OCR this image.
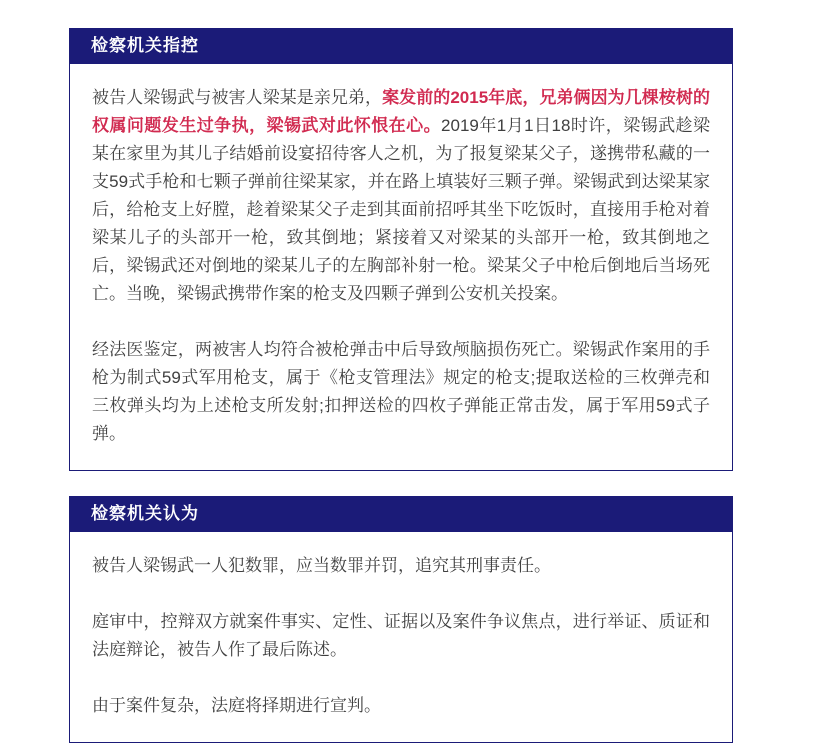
检察机关指控

被告人梁锡武与被害人梁某是亲兄弟，案发前的2015年底，兄弟俩因为几棵桉树的权属问题发生过争执，梁锡武对此怀恨在心。2019年1月1日18时许，梁锡武趁梁某在家里为其儿子结婚前设宴招待客人之机，为了报复梁某父子，遂携带私藏的一支59式手枪和七颗子弹前往梁某家，并在路上填装好三颗子弹。梁锡武到达梁某家后，给枪支上好膛，趁着梁某父子走到其面前招呼其坐下吃饭时，直接用手枪对着梁某儿子的头部开一枪，致其倒地；紧接着又对梁某的头部开一枪，致其倒地之后，梁锡武还对倒地的梁某儿子的左胸部补射一枪。梁某父子中枪后倒地后当场死亡。当晚，梁锡武携带作案的枪支及四颗子弹到公安机关投案。

经法医鉴定，两被害人均符合被枪弹击中后导致颅脑损伤死亡。梁锡武作案用的手枪为制式59式军用枪支，属于《枪支管理法》规定的枪支;提取送检的三枚弹壳和三枚弹头均为上述枪支所发射;扣押送检的四枚子弹能正常击发，属于军用59式子弹。

检察机关认为

被告人梁锡武一人犯数罪，应当数罪并罚，追究其刑事责任。

庭审中，控辩双方就案件事实、定性、证据以及案件争议焦点，进行举证、质证和法庭辩论，被告人作了最后陈述。

由于案件复杂，法庭将择期进行宣判。
